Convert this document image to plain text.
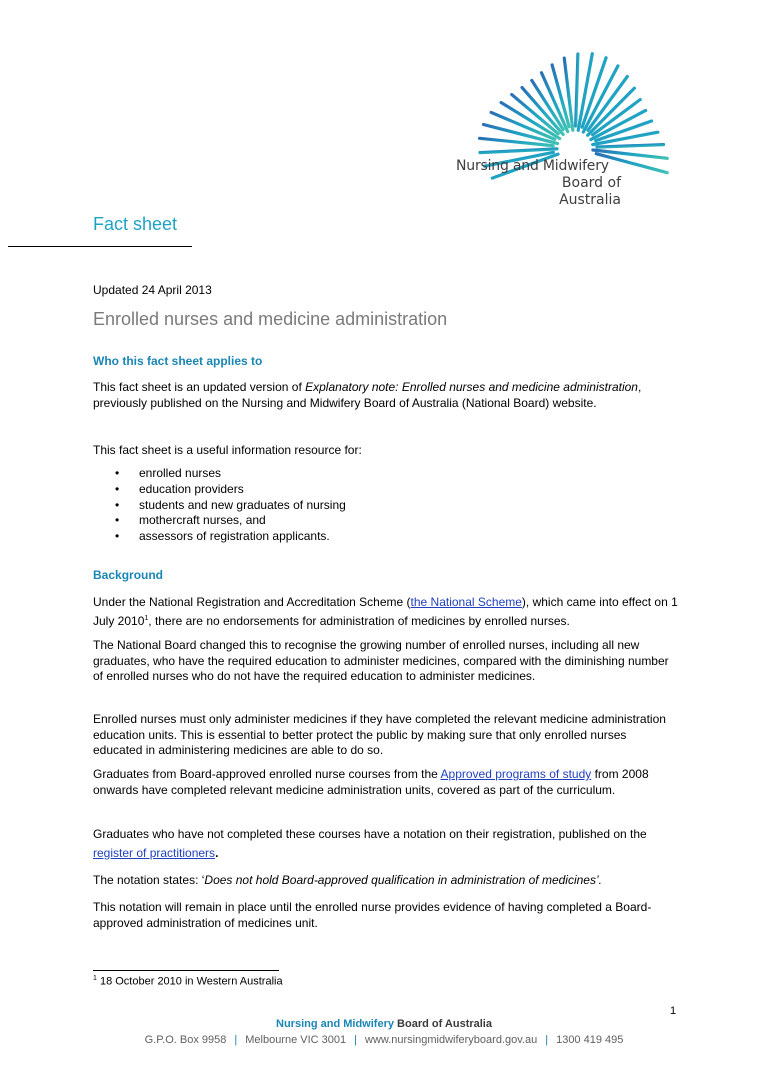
Nursing and Midwifery
Board of
Australia
Fact sheet
Updated 24 April 2013
Enrolled nurses and medicine administration
Who this fact sheet applies to
This fact sheet is an updated version of Explanatory note: Enrolled nurses and medicine administration, previously published on the Nursing and Midwifery Board of Australia (National Board) website.
This fact sheet is a useful information resource for:
• enrolled nurses
• education providers
• students and new graduates of nursing
• mothercraft nurses, and
• assessors of registration applicants.
Background
Under the National Registration and Accreditation Scheme (the National Scheme), which came into effect on 1 July 2010$^1$, there are no endorsements for administration of medicines by enrolled nurses.
The National Board changed this to recognise the growing number of enrolled nurses, including all new graduates, who have the required education to administer medicines, compared with the diminishing number of enrolled nurses who do not have the required education to administer medicines.
Enrolled nurses must only administer medicines if they have completed the relevant medicine administration education units. This is essential to better protect the public by making sure that only enrolled nurses educated in administering medicines are able to do so.
Graduates from Board-approved enrolled nurse courses from the Approved programs of study from 2008 onwards have completed relevant medicine administration units, covered as part of the curriculum.
Graduates who have not completed these courses have a notation on their registration, published on the register of practitioners.
The notation states: ‘Does not hold Board-approved qualification in administration of medicines’.
This notation will remain in place until the enrolled nurse provides evidence of having completed a Board-approved administration of medicines unit.
$^1$ 18 October 2010 in Western Australia
1
Nursing and Midwifery Board of Australia
G.P.O. Box 9958 | Melbourne VIC 3001 | www.nursingmidwiferyboard.gov.au | 1300 419 495
